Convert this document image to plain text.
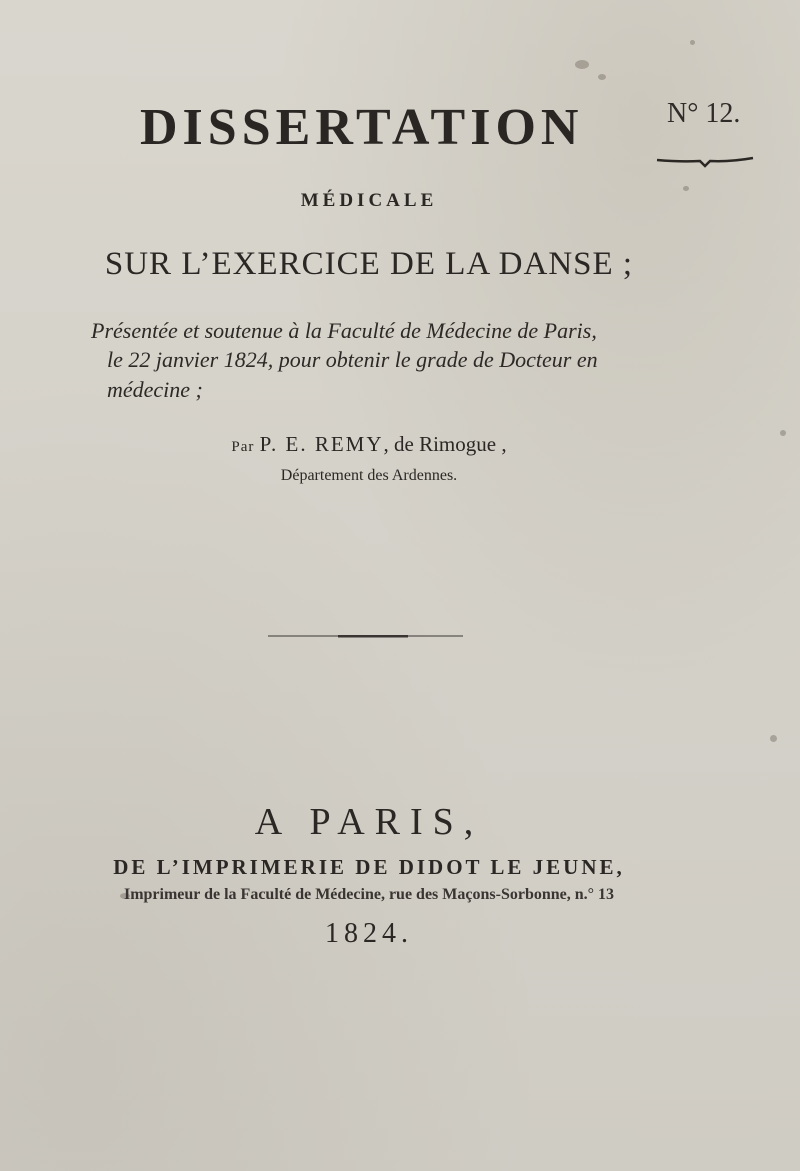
DISSERTATION	N° 12.
MÉDICALE
SUR L’EXERCICE DE LA DANSE ;
Présentée et soutenue à la Faculté de Médecine de Paris,
le 22 janvier 1824, pour obtenir le grade de Docteur en
médecine ;
Par P. E. REMY, de Rimogue ,
Département des Ardennes.
A PARIS,
DE L’IMPRIMERIE DE DIDOT LE JEUNE,
Imprimeur de la Faculté de Médecine, rue des Maçons-Sorbonne, n.° 13
1824.
